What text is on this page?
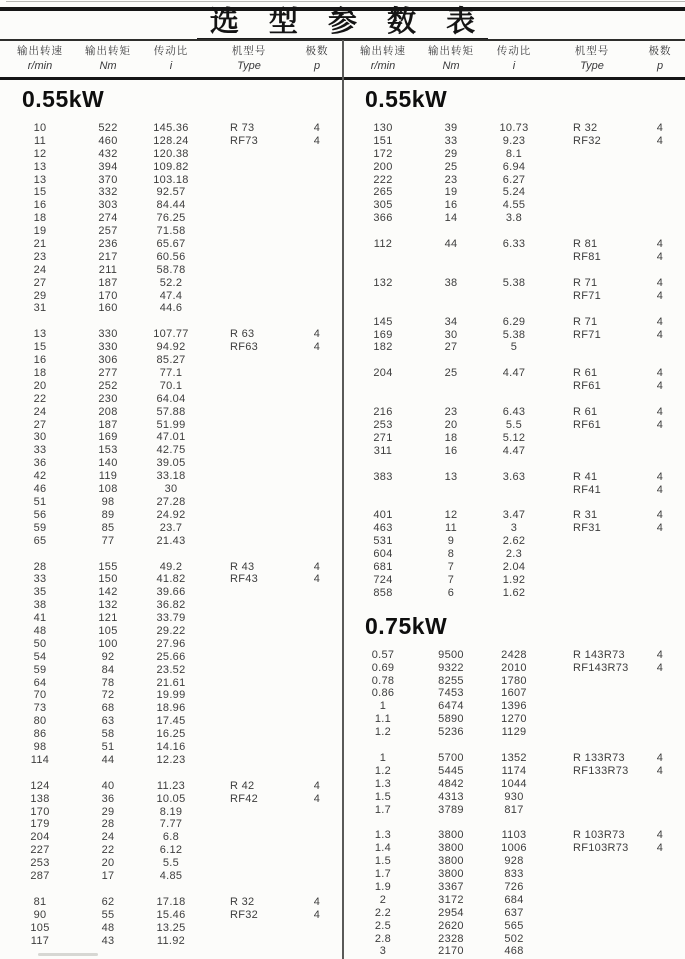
选 型 参 数 表
输出转速
r/min
输出转矩
Nm
传动比
i
机型号
Type
极数
p
输出转速
r/min
输出转矩
Nm
传动比
i
机型号
Type
极数
p
0.55kW
10	522	145.36	R 73	4
11	460	128.24	RF73	4
12	432	120.38
13	394	109.82
13	370	103.18
15	332	92.57
16	303	84.44
18	274	76.25
19	257	71.58
21	236	65.67
23	217	60.56
24	211	58.78
27	187	52.2
29	170	47.4
31	160	44.6
13	330	107.77	R 63	4
15	330	94.92	RF63	4
16	306	85.27
18	277	77.1
20	252	70.1
22	230	64.04
24	208	57.88
27	187	51.99
30	169	47.01
33	153	42.75
36	140	39.05
42	119	33.18
46	108	30
51	98	27.28
56	89	24.92
59	85	23.7
65	77	21.43
28	155	49.2	R 43	4
33	150	41.82	RF43	4
35	142	39.66
38	132	36.82
41	121	33.79
48	105	29.22
50	100	27.96
54	92	25.66
59	84	23.52
64	78	21.61
70	72	19.99
73	68	18.96
80	63	17.45
86	58	16.25
98	51	14.16
114	44	12.23
124	40	11.23	R 42	4
138	36	10.05	RF42	4
170	29	8.19
179	28	7.77
204	24	6.8
227	22	6.12
253	20	5.5
287	17	4.85
81	62	17.18	R 32	4
90	55	15.46	RF32	4
105	48	13.25
117	43	11.92
0.55kW
130	39	10.73	R 32	4
151	33	9.23	RF32	4
172	29	8.1
200	25	6.94
222	23	6.27
265	19	5.24
305	16	4.55
366	14	3.8
112	44	6.33	R 81	4
RF81	4
132	38	5.38	R 71	4
RF71	4
145	34	6.29	R 71	4
169	30	5.38	RF71	4
182	27	5
204	25	4.47	R 61	4
RF61	4
216	23	6.43	R 61	4
253	20	5.5	RF61	4
271	18	5.12
311	16	4.47
383	13	3.63	R 41	4
RF41	4
401	12	3.47	R 31	4
463	11	3	RF31	4
531	9	2.62
604	8	2.3
681	7	2.04
724	7	1.92
858	6	1.62
0.75kW
0.57	9500	2428	R 143R73	4
0.69	9322	2010	RF143R73	4
0.78	8255	1780
0.86	7453	1607
1	6474	1396
1.1	5890	1270
1.2	5236	1129
1	5700	1352	R 133R73	4
1.2	5445	1174	RF133R73	4
1.3	4842	1044
1.5	4313	930
1.7	3789	817
1.3	3800	1103	R 103R73	4
1.4	3800	1006	RF103R73	4
1.5	3800	928
1.7	3800	833
1.9	3367	726
2	3172	684
2.2	2954	637
2.5	2620	565
2.8	2328	502
3	2170	468
